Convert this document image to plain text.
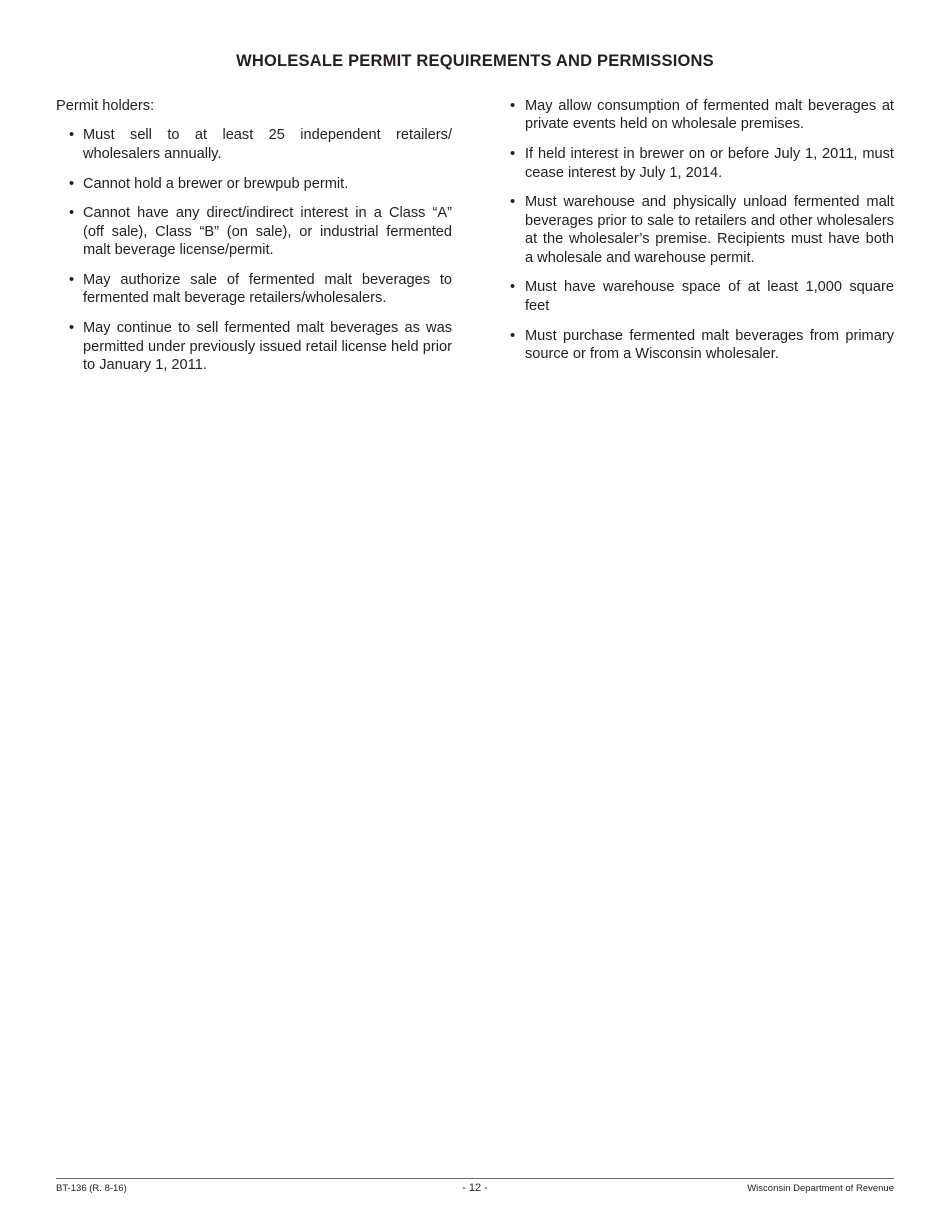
WHOLESALE PERMIT REQUIREMENTS AND PERMISSIONS

Permit holders:

• Must sell to at least 25 independent retailers/ wholesalers annually.
• Cannot hold a brewer or brewpub permit.
• Cannot have any direct/indirect interest in a Class “A” (off sale), Class “B” (on sale), or industrial fermented malt beverage license/permit.
• May authorize sale of fermented malt beverages to fermented malt beverage retailers/wholesalers.
• May continue to sell fermented malt beverages as was permitted under previously issued retail license held prior to January 1, 2011.
• May allow consumption of fermented malt beverages at private events held on wholesale premises.
• If held interest in brewer on or before July 1, 2011, must cease interest by July 1, 2014.
• Must warehouse and physically unload fermented malt beverages prior to sale to retailers and other wholesalers at the wholesaler’s premise. Recipients must have both a wholesale and warehouse permit.
• Must have warehouse space of at least 1,000 square feet
• Must purchase fermented malt beverages from primary source or from a Wisconsin wholesaler.
BT-136 (R. 8-16)	- 12 -	Wisconsin Department of Revenue
